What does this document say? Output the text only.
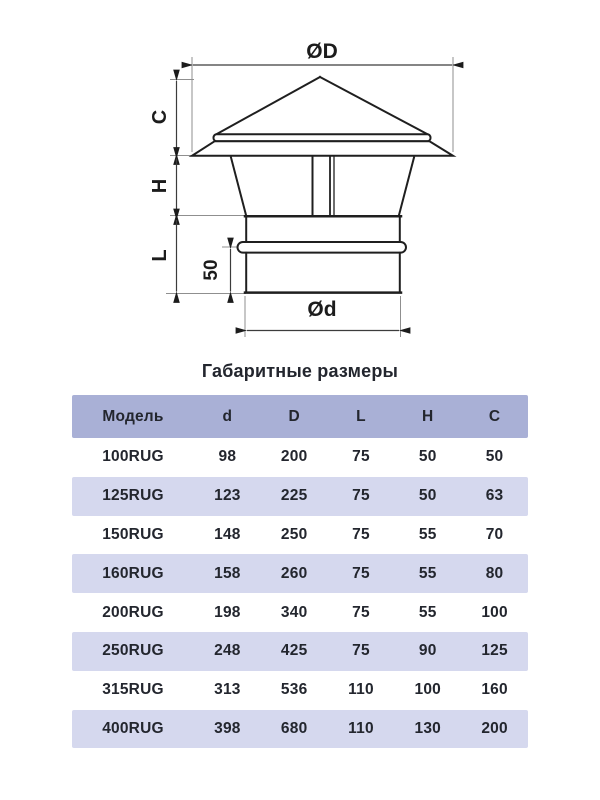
ØD
C
H
L
50
Ød
Габаритные размеры
Модель	d	D	L	H	C
100RUG	98	200	75	50	50
125RUG	123	225	75	50	63
150RUG	148	250	75	55	70
160RUG	158	260	75	55	80
200RUG	198	340	75	55	100
250RUG	248	425	75	90	125
315RUG	313	536	110	100	160
400RUG	398	680	110	130	200
